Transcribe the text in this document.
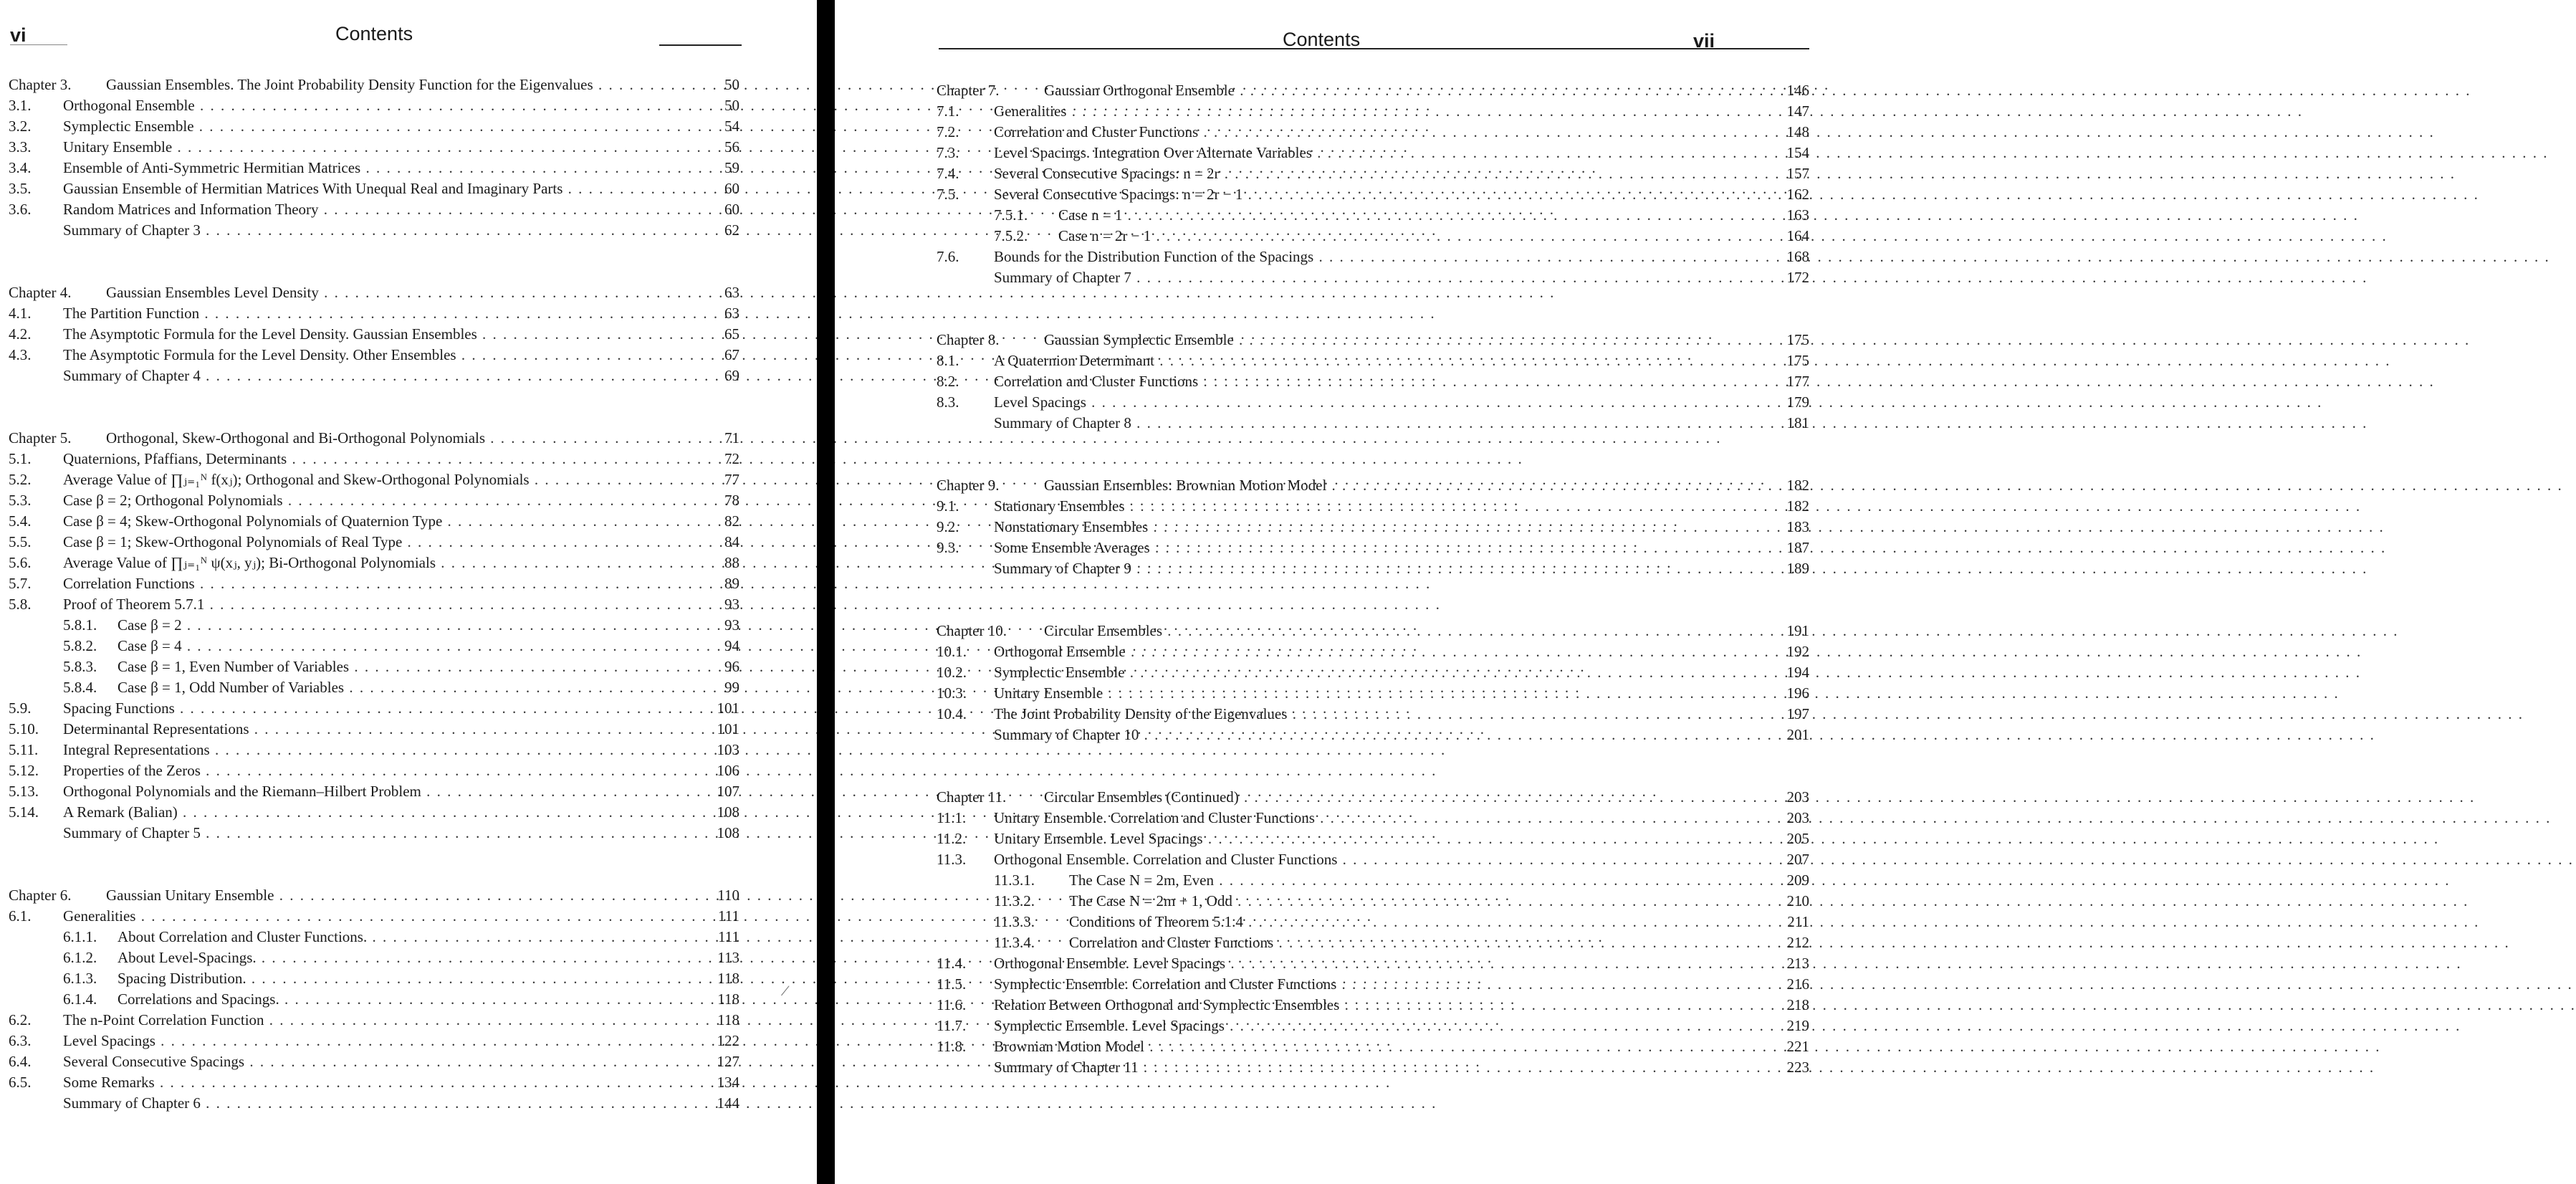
vi	Contents
Chapter 3. Gaussian Ensembles. The Joint Probability Density Function for the Eigenvalues . . .	50
3.1. Orthogonal Ensemble . . .	50
3.2. Symplectic Ensemble . . .	54
3.3. Unitary Ensemble . . .	56
3.4. Ensemble of Anti-Symmetric Hermitian Matrices . . .	59
3.5. Gaussian Ensemble of Hermitian Matrices With Unequal Real and Imaginary Parts . . .	60
3.6. Random Matrices and Information Theory . . .	60
Summary of Chapter 3 . . .	62
Chapter 4. Gaussian Ensembles Level Density . . .	63
4.1. The Partition Function . . .	63
4.2. The Asymptotic Formula for the Level Density. Gaussian Ensembles . . .	65
4.3. The Asymptotic Formula for the Level Density. Other Ensembles . . .	67
Summary of Chapter 4 . . .	69
Chapter 5. Orthogonal, Skew-Orthogonal and Bi-Orthogonal Polynomials . . .	71
5.1. Quaternions, Pfaffians, Determinants . . .	72
5.2. Average Value of ∏ⱼ₌₁ᴺ f(xⱼ); Orthogonal and Skew-Orthogonal Polynomials . . .	77
5.3. Case β = 2; Orthogonal Polynomials . . .	78
5.4. Case β = 4; Skew-Orthogonal Polynomials of Quaternion Type . . .	82
5.5. Case β = 1; Skew-Orthogonal Polynomials of Real Type . . .	84
5.6. Average Value of ∏ⱼ₌₁ᴺ ψ(xⱼ, yⱼ); Bi-Orthogonal Polynomials . . .	88
5.7. Correlation Functions . . .	89
5.8. Proof of Theorem 5.7.1 . . .	93
5.8.1. Case β = 2 . . .	93
5.8.2. Case β = 4 . . .	94
5.8.3. Case β = 1, Even Number of Variables . . .	96
5.8.4. Case β = 1, Odd Number of Variables . . .	99
5.9. Spacing Functions . . .	101
5.10. Determinantal Representations . . .	101
5.11. Integral Representations . . .	103
5.12. Properties of the Zeros . . .	106
5.13. Orthogonal Polynomials and the Riemann–Hilbert Problem . . .	107
5.14. A Remark (Balian) . . .	108
Summary of Chapter 5 . . .	108
Chapter 6. Gaussian Unitary Ensemble . . .	110
6.1. Generalities . . .	111
6.1.1. About Correlation and Cluster Functions. . . .	111
6.1.2. About Level-Spacings. . . .	113
6.1.3. Spacing Distribution. . . .	118
6.1.4. Correlations and Spacings. . . .	118
6.2. The n-Point Correlation Function . . .	118
6.3. Level Spacings . . .	122
6.4. Several Consecutive Spacings . . .	127
6.5. Some Remarks . . .	134
Summary of Chapter 6 . . .	144
/
Contents	vii
Chapter 7.	Gaussian Orthogonal Ensemble . . .	146
7.1. Generalities . . .	147
7.2. Correlation and Cluster Functions . . .	148
7.3. Level Spacings. Integration Over Alternate Variables . . .	154
7.4. Several Consecutive Spacings: n = 2r . . .	157
7.5. Several Consecutive Spacings: n = 2r − 1 . . .	162
7.5.1. Case n = 1 . . .	163
7.5.2. Case n = 2r − 1 . . .	164
7.6. Bounds for the Distribution Function of the Spacings . . .	168
Summary of Chapter 7 . . .	172
Chapter 8.	Gaussian Symplectic Ensemble . . .	175
8.1. A Quaternion Determinant . . .	175
8.2. Correlation and Cluster Functions . . .	177
8.3. Level Spacings . . .	179
Summary of Chapter 8 . . .	181
Chapter 9.	Gaussian Ensembles: Brownian Motion Model . . .	182
9.1. Stationary Ensembles . . .	182
9.2. Nonstationary Ensembles . . .	183
9.3. Some Ensemble Averages . . .	187
Summary of Chapter 9 . . .	189
Chapter 10. Circular Ensembles . . .	191
10.1. Orthogonal Ensemble . . .	192
10.2. Symplectic Ensemble . . .	194
10.3. Unitary Ensemble . . .	196
10.4. The Joint Probability Density of the Eigenvalues . . .	197
Summary of Chapter 10 . . .	201
Chapter 11.	Circular Ensembles (Continued) . . .	203
11.1. Unitary Ensemble. Correlation and Cluster Functions . . .	203
11.2. Unitary Ensemble. Level Spacings . . .	205
11.3. Orthogonal Ensemble. Correlation and Cluster Functions . . .	207
11.3.1. The Case N = 2m, Even . . .	209
11.3.2. The Case N = 2m + 1, Odd . . .	210
11.3.3. Conditions of Theorem 5.1.4 . . .	211
11.3.4. Correlation and Cluster Functions . . .	212
11.4. Orthogonal Ensemble. Level Spacings . . .	213
11.5. Symplectic Ensemble. Correlation and Cluster Functions . . .	216
11.6. Relation Between Orthogonal and Symplectic Ensembles . . .	218
11.7. Symplectic Ensemble. Level Spacings . . .	219
11.8. Brownian Motion Model . . .	221
Summary of Chapter 11 . . .	223
